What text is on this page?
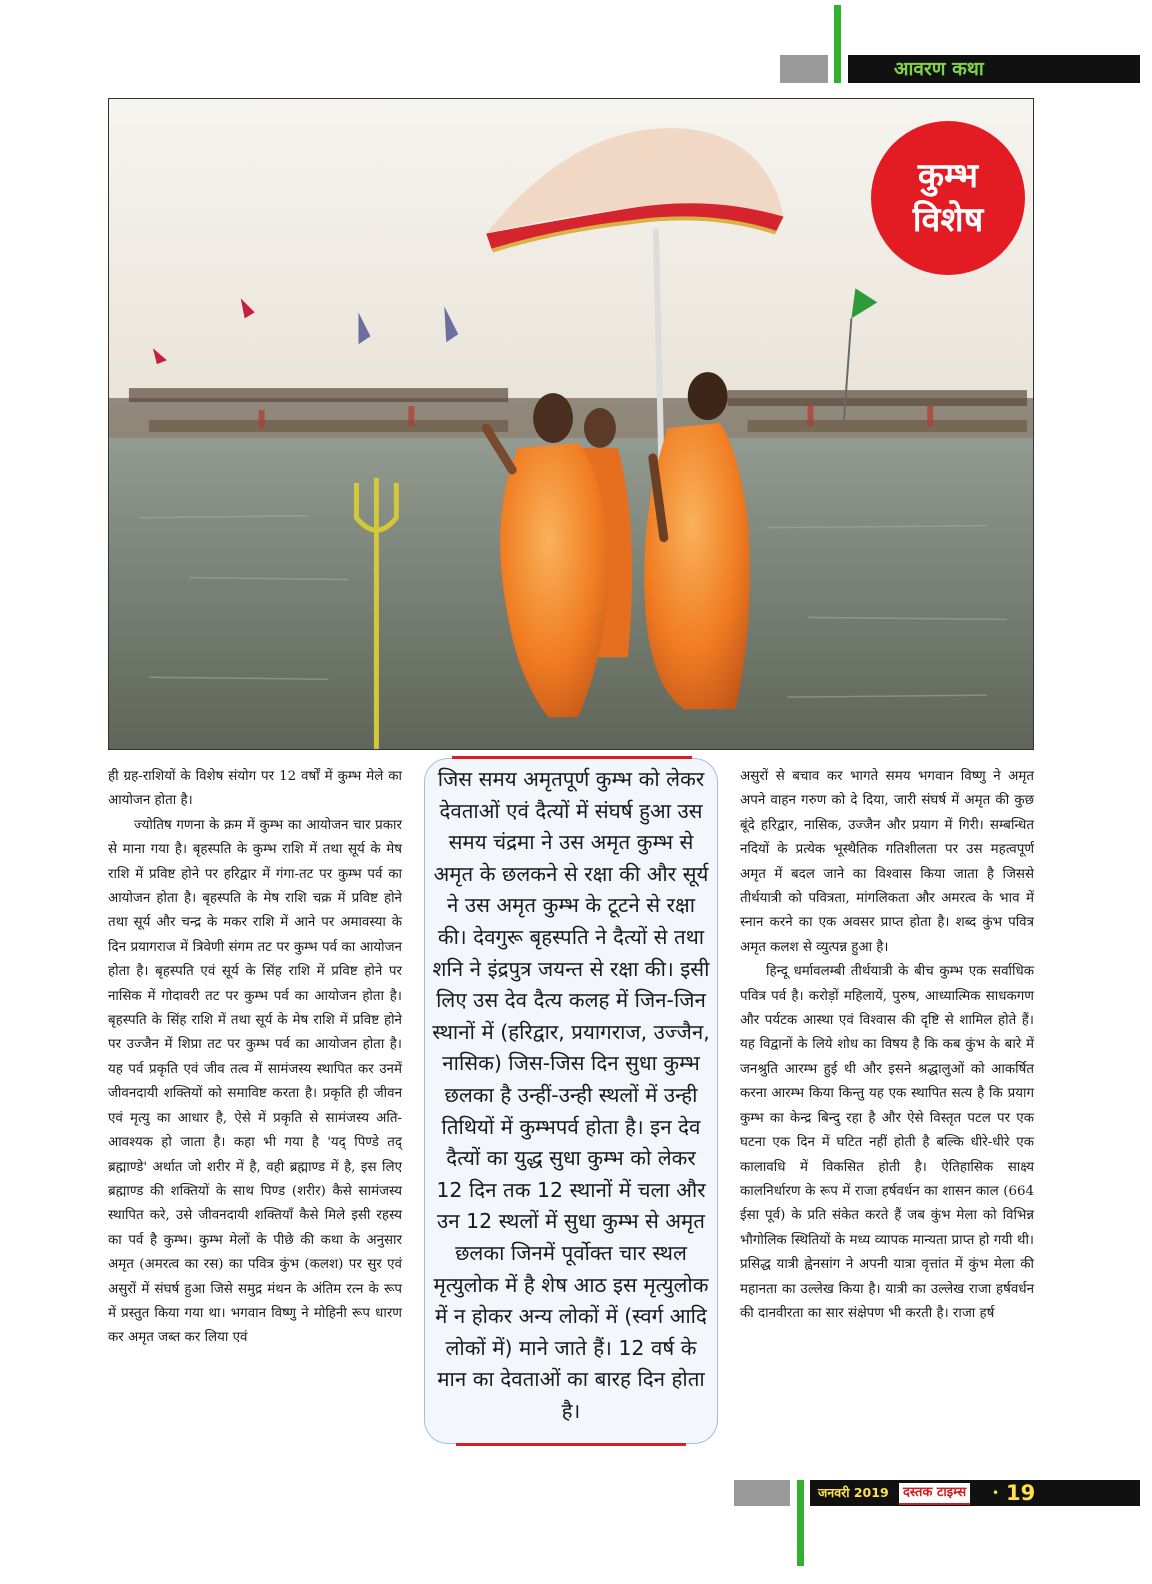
आवरण कथा
कुम्भ
विशेष

ही ग्रह-राशियों के विशेष संयोग पर 12 वर्षों में कुम्भ मेले का आयोजन होता है।

ज्योतिष गणना के क्रम में कुम्भ का आयोजन चार प्रकार से माना गया है। बृहस्पति के कुम्भ राशि में तथा सूर्य के मेष राशि में प्रविष्ट होने पर हरिद्वार में गंगा-तट पर कुम्भ पर्व का आयोजन होता है। बृहस्पति के मेष राशि चक्र में प्रविष्ट होने तथा सूर्य और चन्द्र के मकर राशि में आने पर अमावस्या के दिन प्रयागराज में त्रिवेणी संगम तट पर कुम्भ पर्व का आयोजन होता है। बृहस्पति एवं सूर्य के सिंह राशि में प्रविष्ट होने पर नासिक में गोदावरी तट पर कुम्भ पर्व का आयोजन होता है। बृहस्पति के सिंह राशि में तथा सूर्य के मेष राशि में प्रविष्ट होने पर उज्जैन में शिप्रा तट पर कुम्भ पर्व का आयोजन होता है। यह पर्व प्रकृति एवं जीव तत्व में सामंजस्य स्थापित कर उनमें जीवनदायी शक्तियों को समाविष्ट करता है। प्रकृति ही जीवन एवं मृत्यु का आधार है, ऐसे में प्रकृति से सामंजस्य अति-आवश्यक हो जाता है। कहा भी गया है 'यद् पिण्डे तद् ब्रह्माण्डे' अर्थात जो शरीर में है, वही ब्रह्माण्ड में है, इस लिए ब्रह्माण्ड की शक्तियों के साथ पिण्ड (शरीर) कैसे सामंजस्य स्थापित करे, उसे जीवनदायी शक्तियाँ कैसे मिले इसी रहस्य का पर्व है कुम्भ। कुम्भ मेलों के पीछे की कथा के अनुसार अमृत (अमरत्व का रस) का पवित्र कुंभ (कलश) पर सुर एवं असुरों में संघर्ष हुआ जिसे समुद्र मंथन के अंतिम रत्न के रूप में प्रस्तुत किया गया था। भगवान विष्णु ने मोहिनी रूप धारण कर अमृत जब्त कर लिया एवं

जिस समय अमृतपूर्ण कुम्भ को लेकर देवताओं एवं दैत्यों में संघर्ष हुआ उस समय चंद्रमा ने उस अमृत कुम्भ से अमृत के छलकने से रक्षा की और सूर्य ने उस अमृत कुम्भ के टूटने से रक्षा की। देवगुरू बृहस्पति ने दैत्यों से तथा शनि ने इंद्रपुत्र जयन्त से रक्षा की। इसी लिए उस देव दैत्य कलह में जिन-जिन स्थानों में (हरिद्वार, प्रयागराज, उज्जैन, नासिक) जिस-जिस दिन सुधा कुम्भ छलका है उन्हीं-उन्ही स्थलों में उन्ही तिथियों में कुम्भपर्व होता है। इन देव दैत्यों का युद्ध सुधा कुम्भ को लेकर 12 दिन तक 12 स्थानों में चला और उन 12 स्थलों में सुधा कुम्भ से अमृत छलका जिनमें पूर्वोक्त चार स्थल मृत्युलोक में है शेष आठ इस मृत्युलोक में न होकर अन्य लोकों में (स्वर्ग आदि लोकों में) माने जाते हैं। 12 वर्ष के मान का देवताओं का बारह दिन होता है।

असुरों से बचाव कर भागते समय भगवान विष्णु ने अमृत अपने वाहन गरुण को दे दिया, जारी संघर्ष में अमृत की कुछ बूंदे हरिद्वार, नासिक, उज्जैन और प्रयाग में गिरी। सम्बन्धित नदियों के प्रत्येक भूस्थैतिक गतिशीलता पर उस महत्वपूर्ण अमृत में बदल जाने का विश्वास किया जाता है जिससे तीर्थयात्री को पवित्रता, मांगलिकता और अमरत्व के भाव में स्नान करने का एक अवसर प्राप्त होता है। शब्द कुंभ पवित्र अमृत कलश से व्युत्पन्न हुआ है।

हिन्दू धर्मावलम्बी तीर्थयात्री के बीच कुम्भ एक सर्वाधिक पवित्र पर्व है। करोड़ों महिलायें, पुरुष, आध्यात्मिक साधकगण और पर्यटक आस्था एवं विश्वास की दृष्टि से शामिल होते हैं। यह विद्वानों के लिये शोध का विषय है कि कब कुंभ के बारे में जनश्रुति आरम्भ हुई थी और इसने श्रद्धालुओं को आकर्षित करना आरम्भ किया किन्तु यह एक स्थापित सत्य है कि प्रयाग कुम्भ का केन्द्र बिन्दु रहा है और ऐसे विस्तृत पटल पर एक घटना एक दिन में घटित नहीं होती है बल्कि धीरे-धीरे एक कालावधि में विकसित होती है। ऐतिहासिक साक्ष्य कालनिर्धारण के रूप में राजा हर्षवर्धन का शासन काल (664 ईसा पूर्व) के प्रति संकेत करते हैं जब कुंभ मेला को विभिन्न भौगोलिक स्थितियों के मध्य व्यापक मान्यता प्राप्त हो गयी थी। प्रसिद्ध यात्री ह्वेनसांग ने अपनी यात्रा वृत्तांत में कुंभ मेला की महानता का उल्लेख किया है। यात्री का उल्लेख राजा हर्षवर्धन की दानवीरता का सार संक्षेपण भी करती है। राजा हर्ष

जनवरी 2019	दस्तक टाइम्स	• 19
